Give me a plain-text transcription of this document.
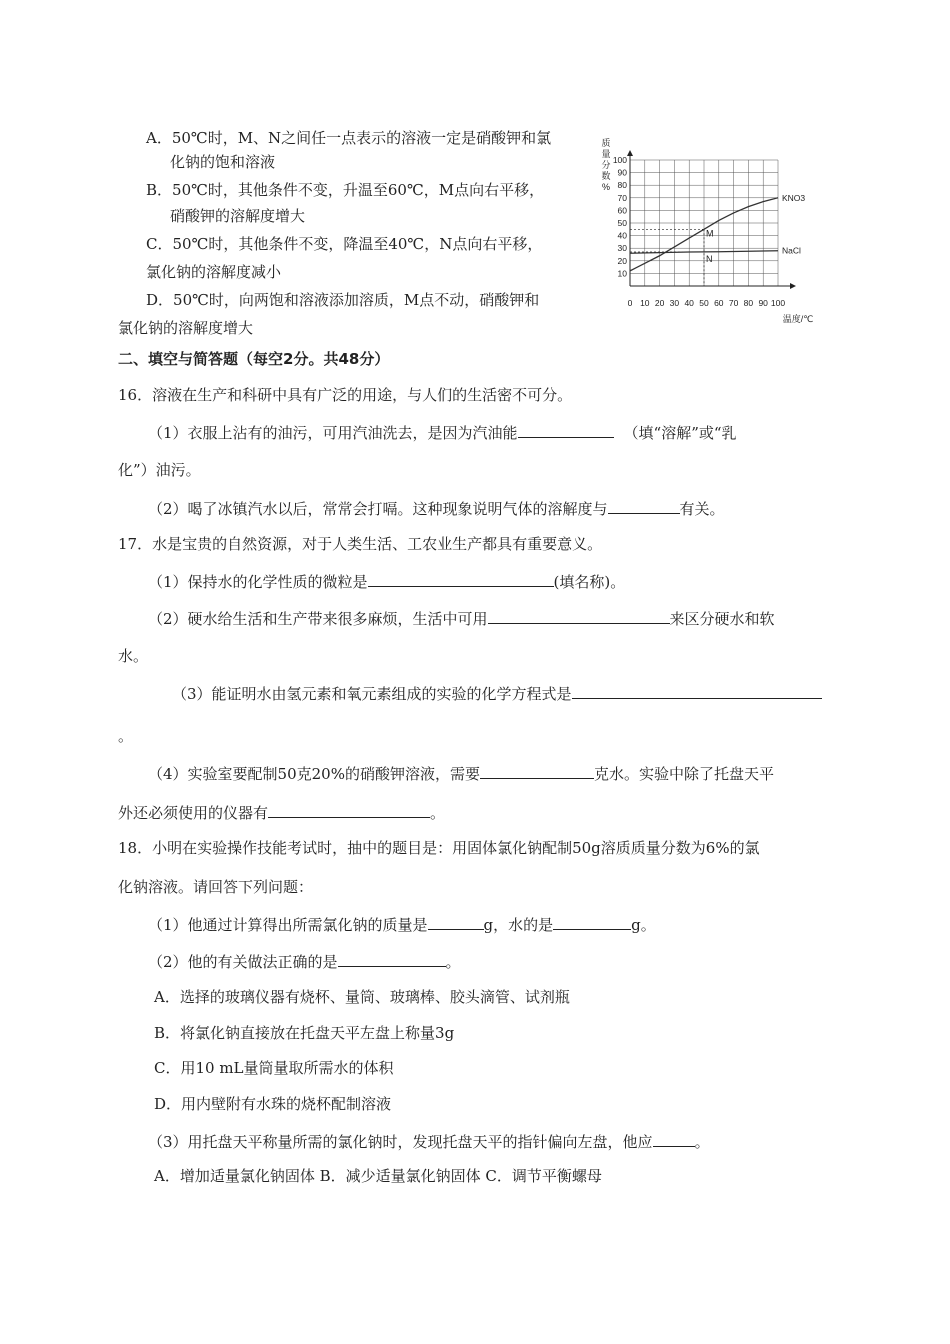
A．50℃时，M、N之间任一点表示的溶液一定是硝酸钾和氯
化钠的饱和溶液
B．50℃时，其他条件不变，升温至60℃，M点向右平移，
硝酸钾的溶解度增大
C．50℃时，其他条件不变，降温至40℃，N点向右平移，
氯化钠的溶解度减小
D．50℃时，向两饱和溶液添加溶质，M点不动，硝酸钾和
氯化钠的溶解度增大
0 10 20 30 40 50 60 70 80 90 100
10
20
30
40
50
60
70
80
90
100
质
量
分
数
%
温度/℃
KNO3
NaCl
M
N
二、填空与简答题（每空2分。共48分）
16．溶液在生产和科研中具有广泛的用途，与人们的生活密不可分。
（1）衣服上沾有的油污，可用汽油洗去，是因为汽油能	（填“溶解”或“乳
化”）油污。
（2）喝了冰镇汽水以后，常常会打嗝。这种现象说明气体的溶解度与	有关。
17．水是宝贵的自然资源，对于人类生活、工农业生产都具有重要意义。
（1）保持水的化学性质的微粒是	(填名称)。
（2）硬水给生活和生产带来很多麻烦，生活中可用	来区分硬水和软
水。
（3）能证明水由氢元素和氧元素组成的实验的化学方程式是
。
（4）实验室要配制50克20%的硝酸钾溶液，需要	克水。实验中除了托盘天平
外还必须使用的仪器有	。
18．小明在实验操作技能考试时，抽中的题目是：用固体氯化钠配制50g溶质质量分数为6%的氯
化钠溶液。请回答下列问题：
（1）他通过计算得出所需氯化钠的质量是	g，水的是	g。
（2）他的有关做法正确的是	。
A．选择的玻璃仪器有烧杯、量筒、玻璃棒、胶头滴管、试剂瓶
B．将氯化钠直接放在托盘天平左盘上称量3g
C．用10 mL量筒量取所需水的体积
D．用内壁附有水珠的烧杯配制溶液
（3）用托盘天平称量所需的氯化钠时，发现托盘天平的指针偏向左盘，他应	。
A．增加适量氯化钠固体 B．减少适量氯化钠固体 C．调节平衡螺母
